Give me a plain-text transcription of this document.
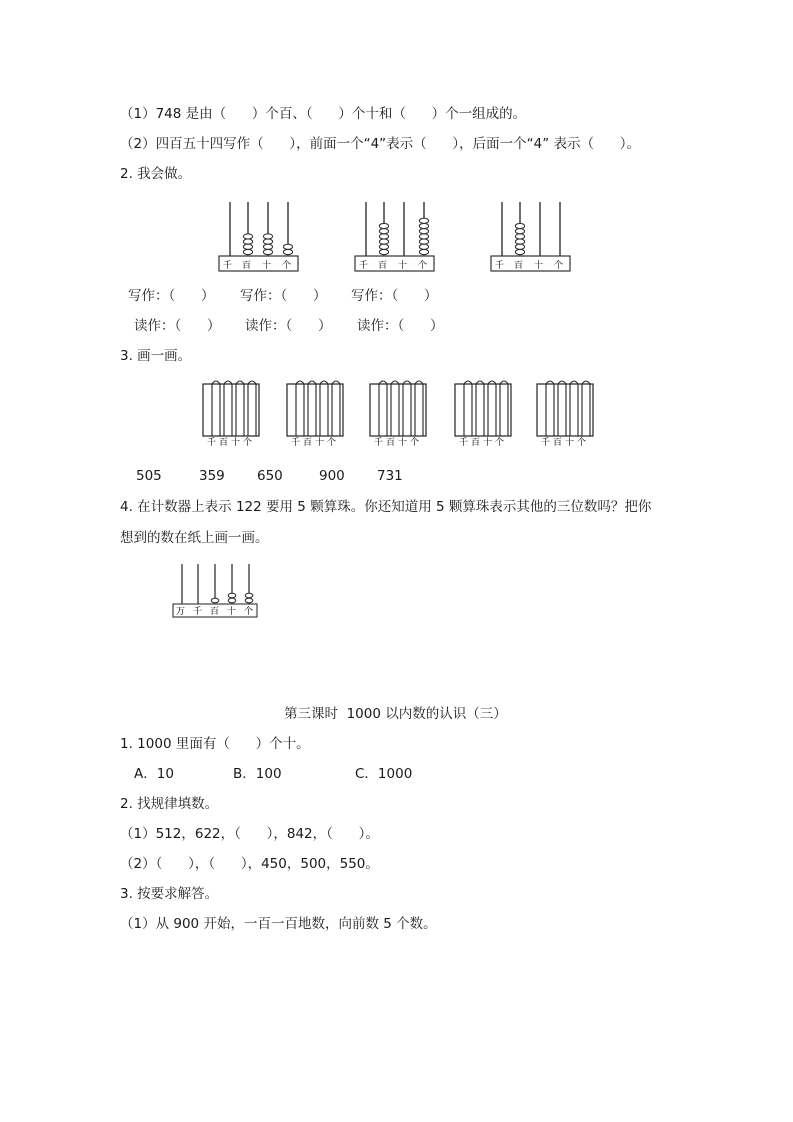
（1）748 是由（      ）个百、（      ）个十和（      ）个一组成的。
（2）四百五十四写作（      ），前面一个“4”表示（      ），后面一个“4” 表示（      ）。
2. 我会做。
千 百 十 个	千 百 十 个	千 百 十 个
写作：（      ） 写作：（      ） 写作：（      ）
读作：（      ） 读作：（      ） 读作：（      ）
3. 画一画。
千 百 十 个	千 百 十 个	千 百 十 个	千 百 十 个	千 百 十 个
505	359 650	900 731
4. 在计数器上表示 122 要用 5 颗算珠。你还知道用 5 颗算珠表示其他的三位数吗？把你
想到的数在纸上画一画。
万 千 百 十 个
第三课时  1000 以内数的认识（三）
1. 1000 里面有（      ）个十。
A．10	B．100	C．1000
2. 找规律填数。
（1）512，622，（      ），842，（      ）。
（2）（      ），（      ），450，500，550。
3. 按要求解答。
（1）从 900 开始，一百一百地数，向前数 5 个数。
